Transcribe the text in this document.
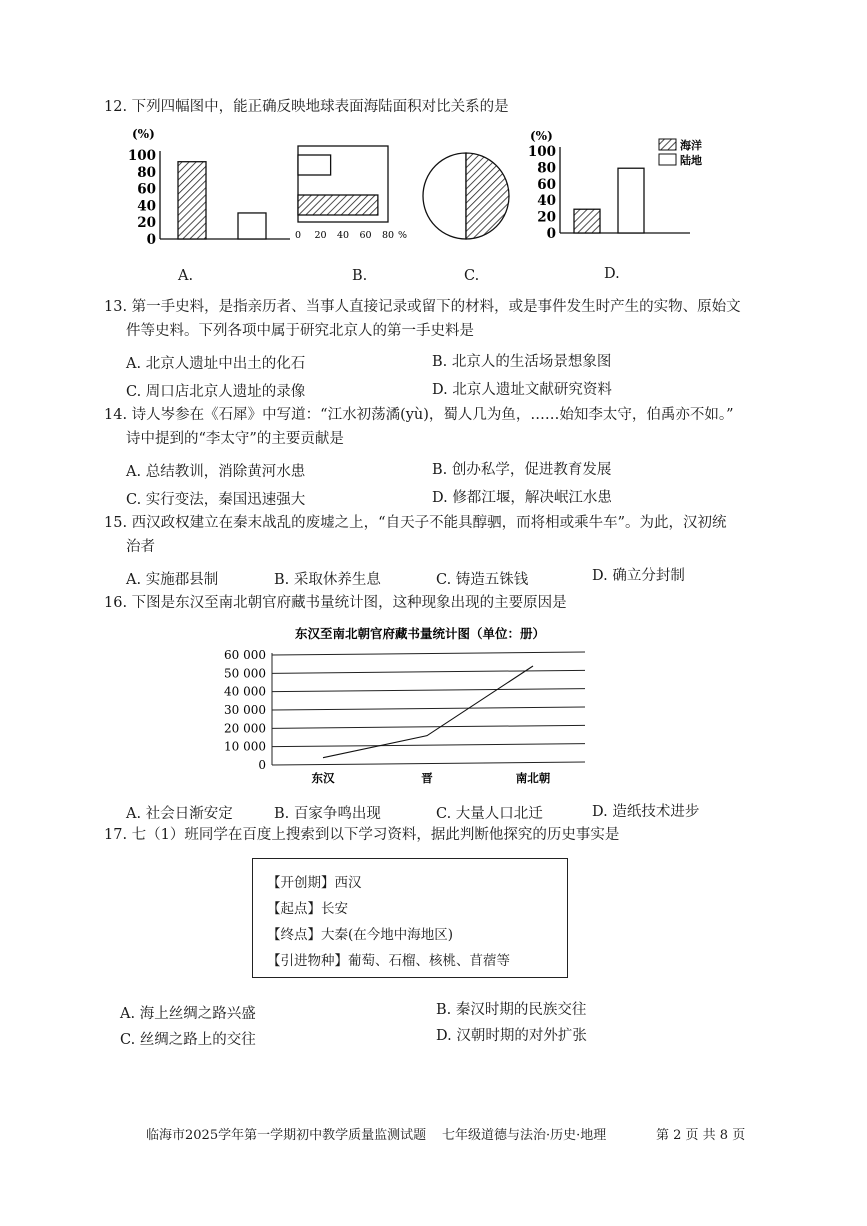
12. 下列四幅图中，能正确反映地球表面海陆面积对比关系的是
(%)
0
20
40
60
80
100
0 20 40 60 80 %
(%)
0
20
40
60
80
100	海洋
陆地
A.	B.	C.	D.
13. 第一手史料，是指亲历者、当事人直接记录或留下的材料，或是事件发生时产生的实物、原始文
件等史料。下列各项中属于研究北京人的第一手史料是
A. 北京人遗址中出土的化石	B. 北京人的生活场景想象图
C. 周口店北京人遗址的录像	D. 北京人遗址文献研究资料
14. 诗人岑参在《石犀》中写道：“江水初荡潏(yù)，蜀人几为鱼，……始知李太守，伯禹亦不如。”
诗中提到的“李太守”的主要贡献是
A. 总结教训，消除黄河水患	B. 创办私学，促进教育发展
C. 实行变法，秦国迅速强大	D. 修都江堰，解决岷江水患
15. 西汉政权建立在秦末战乱的废墟之上，“自天子不能具醇驷，而将相或乘牛车”。为此，汉初统
治者
A. 实施郡县制	B. 采取休养生息	C. 铸造五铢钱	D. 确立分封制
16. 下图是东汉至南北朝官府藏书量统计图，这种现象出现的主要原因是
东汉至南北朝官府藏书量统计图（单位：册）
0
10 000
20 000
30 000
40 000
50 000
60 000
东汉	晋	南北朝
A. 社会日渐安定	B. 百家争鸣出现	C. 大量人口北迁	D. 造纸技术进步
17. 七（1）班同学在百度上搜索到以下学习资料，据此判断他探究的历史事实是
【开创期】西汉
【起点】长安
【终点】大秦(在今地中海地区)
【引进物种】葡萄、石榴、核桃、苜蓿等
A. 海上丝绸之路兴盛	B. 秦汉时期的民族交往
C. 丝绸之路上的交往	D. 汉朝时期的对外扩张
临海市2025学年第一学期初中教学质量监测试题 七年级道德与法治·历史·地理	第 2 页 共 8 页
